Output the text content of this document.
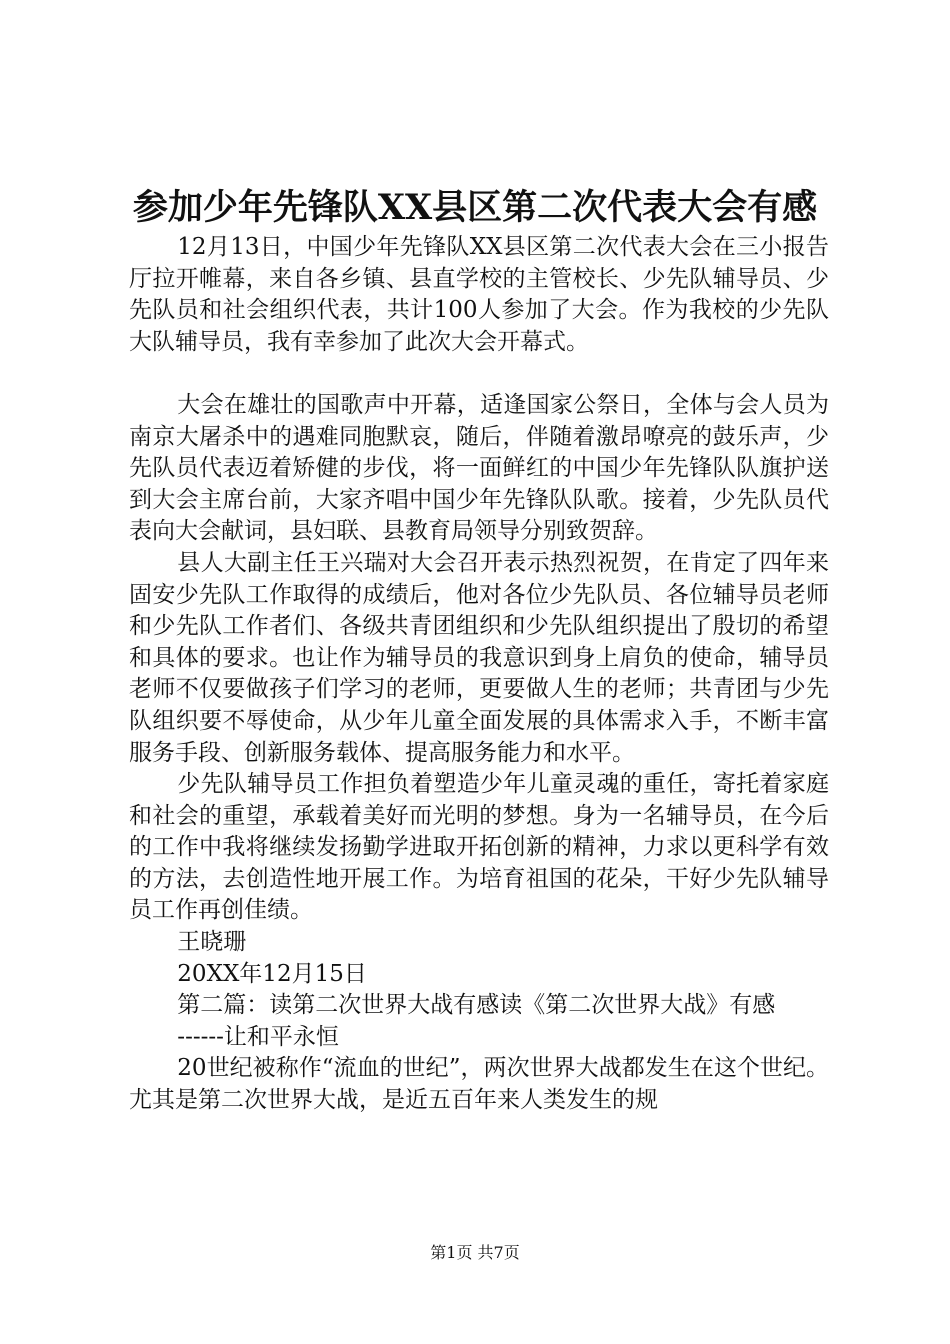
参加少年先锋队XX县区第二次代表大会有感

12月13日，中国少年先锋队XX县区第二次代表大会在三小报告厅拉开帷幕，来自各乡镇、县直学校的主管校长、少先队辅导员、少先队员和社会组织代表，共计100人参加了大会。作为我校的少先队大队辅导员，我有幸参加了此次大会开幕式。

大会在雄壮的国歌声中开幕，适逢国家公祭日，全体与会人员为南京大屠杀中的遇难同胞默哀，随后，伴随着激昂嘹亮的鼓乐声，少先队员代表迈着矫健的步伐，将一面鲜红的中国少年先锋队队旗护送到大会主席台前，大家齐唱中国少年先锋队队歌。接着，少先队员代表向大会献词，县妇联、县教育局领导分别致贺辞。

县人大副主任王兴瑞对大会召开表示热烈祝贺，在肯定了四年来固安少先队工作取得的成绩后，他对各位少先队员、各位辅导员老师和少先队工作者们、各级共青团组织和少先队组织提出了殷切的希望和具体的要求。也让作为辅导员的我意识到身上肩负的使命，辅导员老师不仅要做孩子们学习的老师，更要做人生的老师；共青团与少先队组织要不辱使命，从少年儿童全面发展的具体需求入手，不断丰富服务手段、创新服务载体、提高服务能力和水平。

少先队辅导员工作担负着塑造少年儿童灵魂的重任，寄托着家庭和社会的重望，承载着美好而光明的梦想。身为一名辅导员，在今后的工作中我将继续发扬勤学进取开拓创新的精神，力求以更科学有效的方法，去创造性地开展工作。为培育祖国的花朵，干好少先队辅导员工作再创佳绩。

王晓珊

20XX年12月15日

第二篇：读第二次世界大战有感读《第二次世界大战》有感

------让和平永恒

20世纪被称作“流血的世纪”，两次世界大战都发生在这个世纪。尤其是第二次世界大战，是近五百年来人类发生的规

第1页 共7页
